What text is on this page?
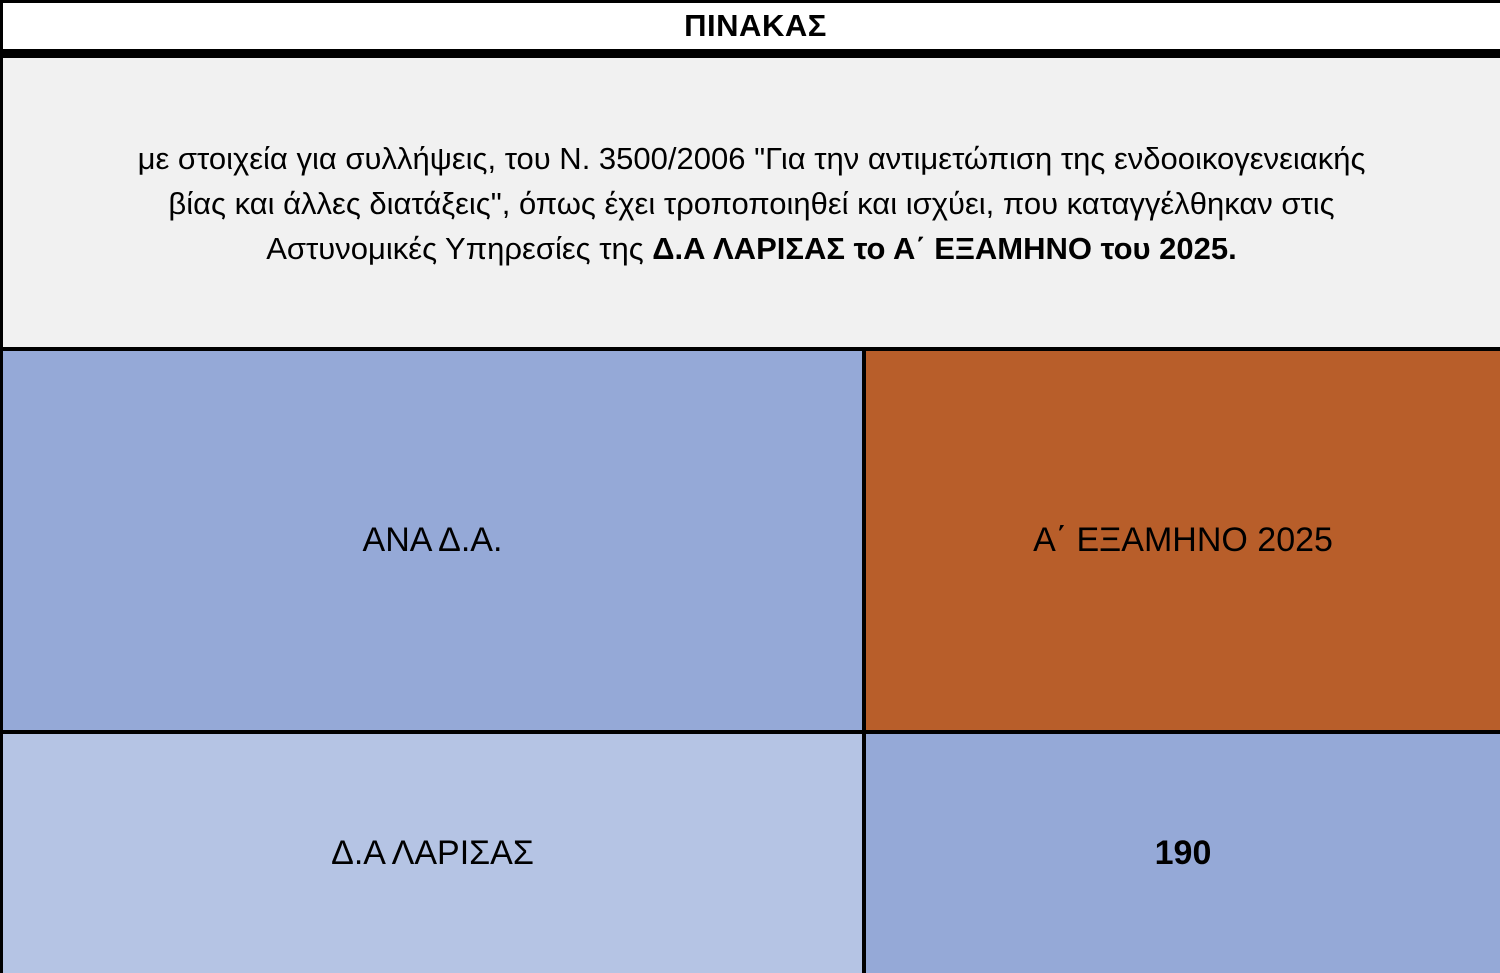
ΠΙΝΑΚΑΣ

με στοιχεία για συλλήψεις, του Ν. 3500/2006 "Για την αντιμετώπιση της ενδοοικογενειακής

βίας και άλλες διατάξεις", όπως έχει τροποποιηθεί και ισχύει, που καταγγέλθηκαν στις

Αστυνομικές Υπηρεσίες της Δ.Α ΛΑΡΙΣΑΣ το Α΄ ΕΞΑΜΗΝΟ του 2025.

ΑΝΑ Δ.Α.	Α΄ ΕΞΑΜΗΝΟ 2025
Δ.Α ΛΑΡΙΣΑΣ	190
